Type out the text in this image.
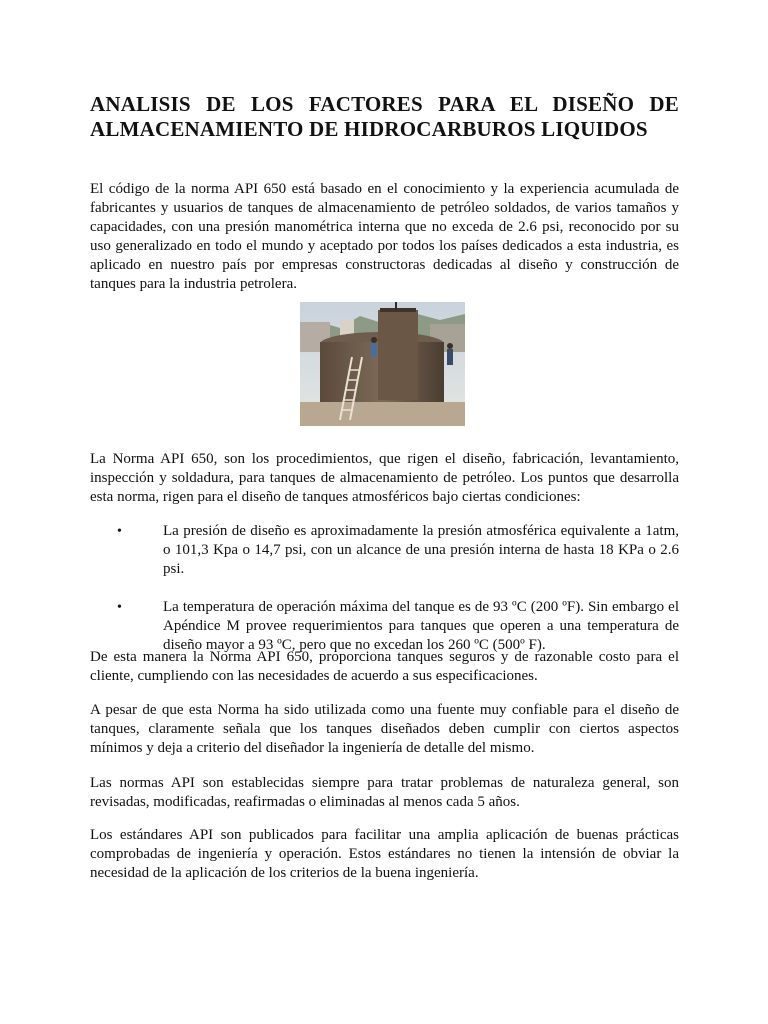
ANALISIS DE LOS FACTORES PARA EL DISEÑO DE
ALMACENAMIENTO DE HIDROCARBUROS LIQUIDOS

El código de la norma API 650 está basado en el conocimiento y la experiencia acumulada de fabricantes y usuarios de tanques de almacenamiento de petróleo soldados, de varios tamaños y capacidades, con una presión manométrica interna que no exceda de 2.6 psi, reconocido por su uso generalizado en todo el mundo y aceptado por todos los países dedicados a esta industria, es aplicado en nuestro país por empresas constructoras dedicadas al diseño y construcción de tanques para la industria petrolera.

La Norma API 650, son los procedimientos, que rigen el diseño, fabricación, levantamiento, inspección y soldadura, para tanques de almacenamiento de petróleo. Los puntos que desarrolla esta norma, rigen para el diseño de tanques atmosféricos bajo ciertas condiciones:

•	La presión de diseño es aproximadamente la presión atmosférica equivalente a 1atm, o 101,3 Kpa o 14,7 psi, con un alcance de una presión interna de hasta 18 KPa o 2.6 psi.
•	La temperatura de operación máxima del tanque es de 93 ºC (200 ºF). Sin embargo el Apéndice M provee requerimientos para tanques que operen a una temperatura de diseño mayor a 93 ºC, pero que no excedan los 260 ºC (500º F).

De esta manera la Norma API 650, proporciona tanques seguros y de razonable costo para el cliente, cumpliendo con las necesidades de acuerdo a sus especificaciones.

A pesar de que esta Norma ha sido utilizada como una fuente muy confiable para el diseño de tanques, claramente señala que los tanques diseñados deben cumplir con ciertos aspectos mínimos y deja a criterio del diseñador la ingeniería de detalle del mismo.

Las normas API son establecidas siempre para tratar problemas de naturaleza general, son revisadas, modificadas, reafirmadas o eliminadas al menos cada 5 años.

Los estándares API son publicados para facilitar una amplia aplicación de buenas prácticas comprobadas de ingeniería y operación. Estos estándares no tienen la intensión de obviar la necesidad de la aplicación de los criterios de la buena ingeniería.
